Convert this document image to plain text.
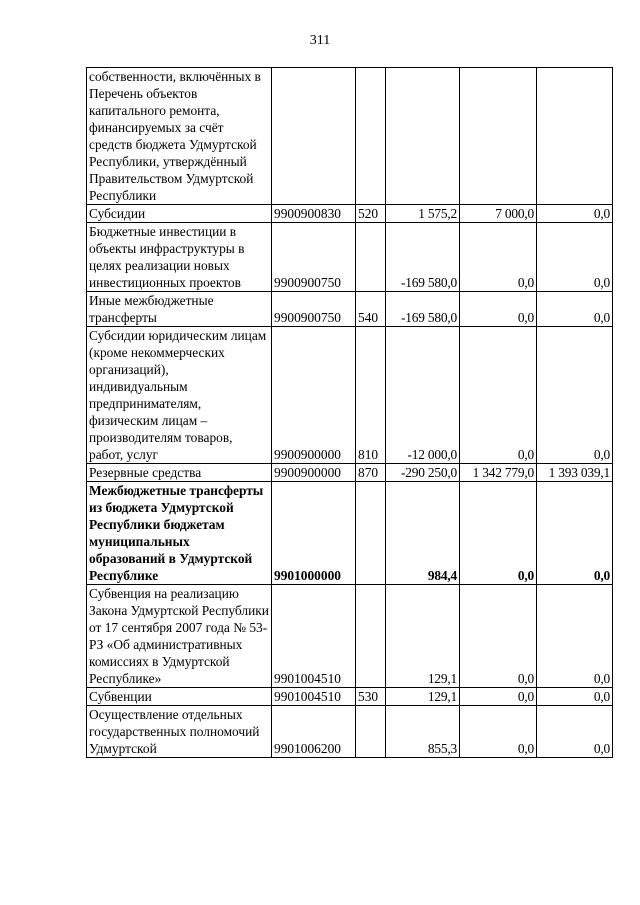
311
собственности, включённых в Перечень объектов капитального ремонта, финансируемых за счёт средств бюджета Удмуртской Республики, утверждённый Правительством Удмуртской Республики					
Субсидии	9900900830	520	1 575,2	7 000,0	0,0
Бюджетные инвестиции в объекты инфраструктуры в целях реализации новых инвестиционных проектов	9900900750		-169 580,0	0,0	0,0
Иные межбюджетные трансферты	9900900750	540	-169 580,0	0,0	0,0
Субсидии юридическим лицам (кроме некоммерческих организаций), индивидуальным предпринимателям, физическим лицам – производителям товаров, работ, услуг	9900900000	810	-12 000,0	0,0	0,0
Резервные средства	9900900000	870	-290 250,0	1 342 779,0	1 393 039,1
Межбюджетные трансферты из бюджета Удмуртской Республики бюджетам муниципальных образований в Удмуртской Республике	9901000000		984,4	0,0	0,0
Субвенция на реализацию Закона Удмуртской Республики от 17 сентября 2007 года № 53-РЗ «Об административных комиссиях в Удмуртской Республике»	9901004510		129,1	0,0	0,0
Субвенции	9901004510	530	129,1	0,0	0,0
Осуществление отдельных государственных полномочий Удмуртской	9901006200		855,3	0,0	0,0
